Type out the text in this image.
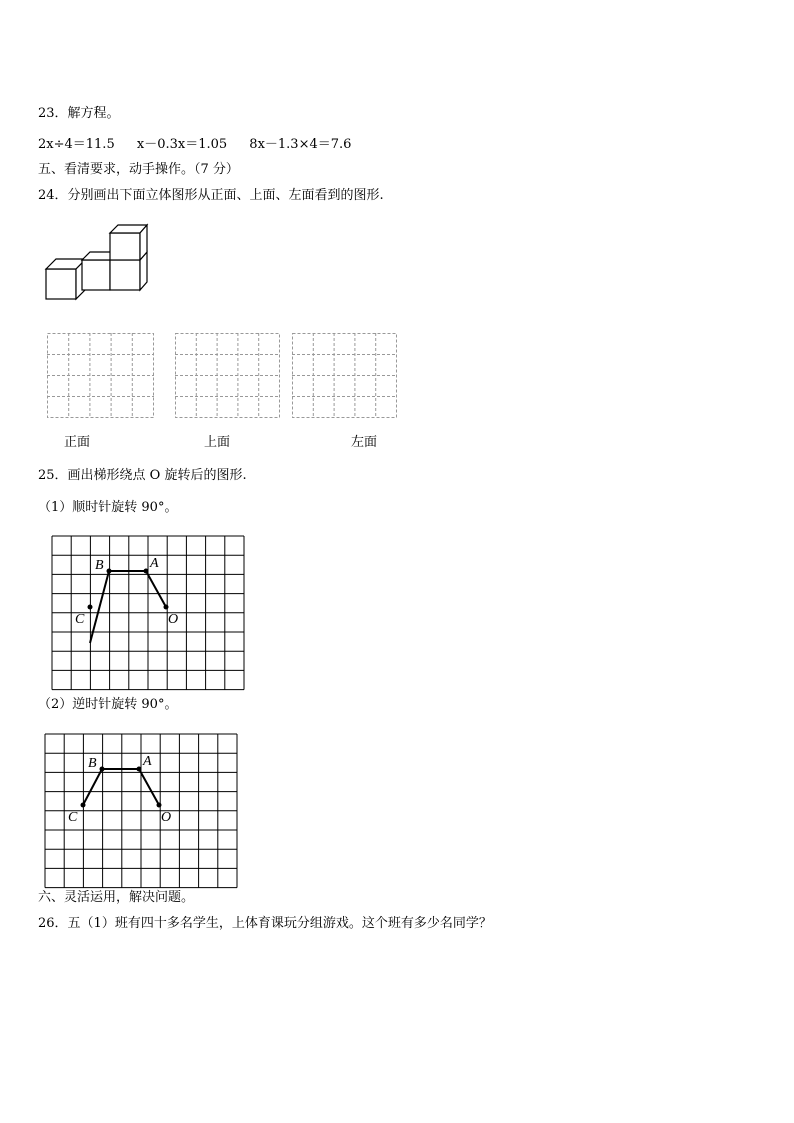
23．解方程。
2x÷4＝11.5 x－0.3x＝1.05 8x－1.3×4＝7.6
五、看清要求，动手操作。（7 分）
24．分别画出下面立体图形从正面、上面、左面看到的图形.
正面	上面	左面
25．画出梯形绕点 O 旋转后的图形.
（1）顺时针旋转 90°。
B	A
C	O
（2）逆时针旋转 90°。
B	A
C	O
六、灵活运用，解决问题。
26．五（1）班有四十多名学生，上体育课玩分组游戏。这个班有多少名同学？
